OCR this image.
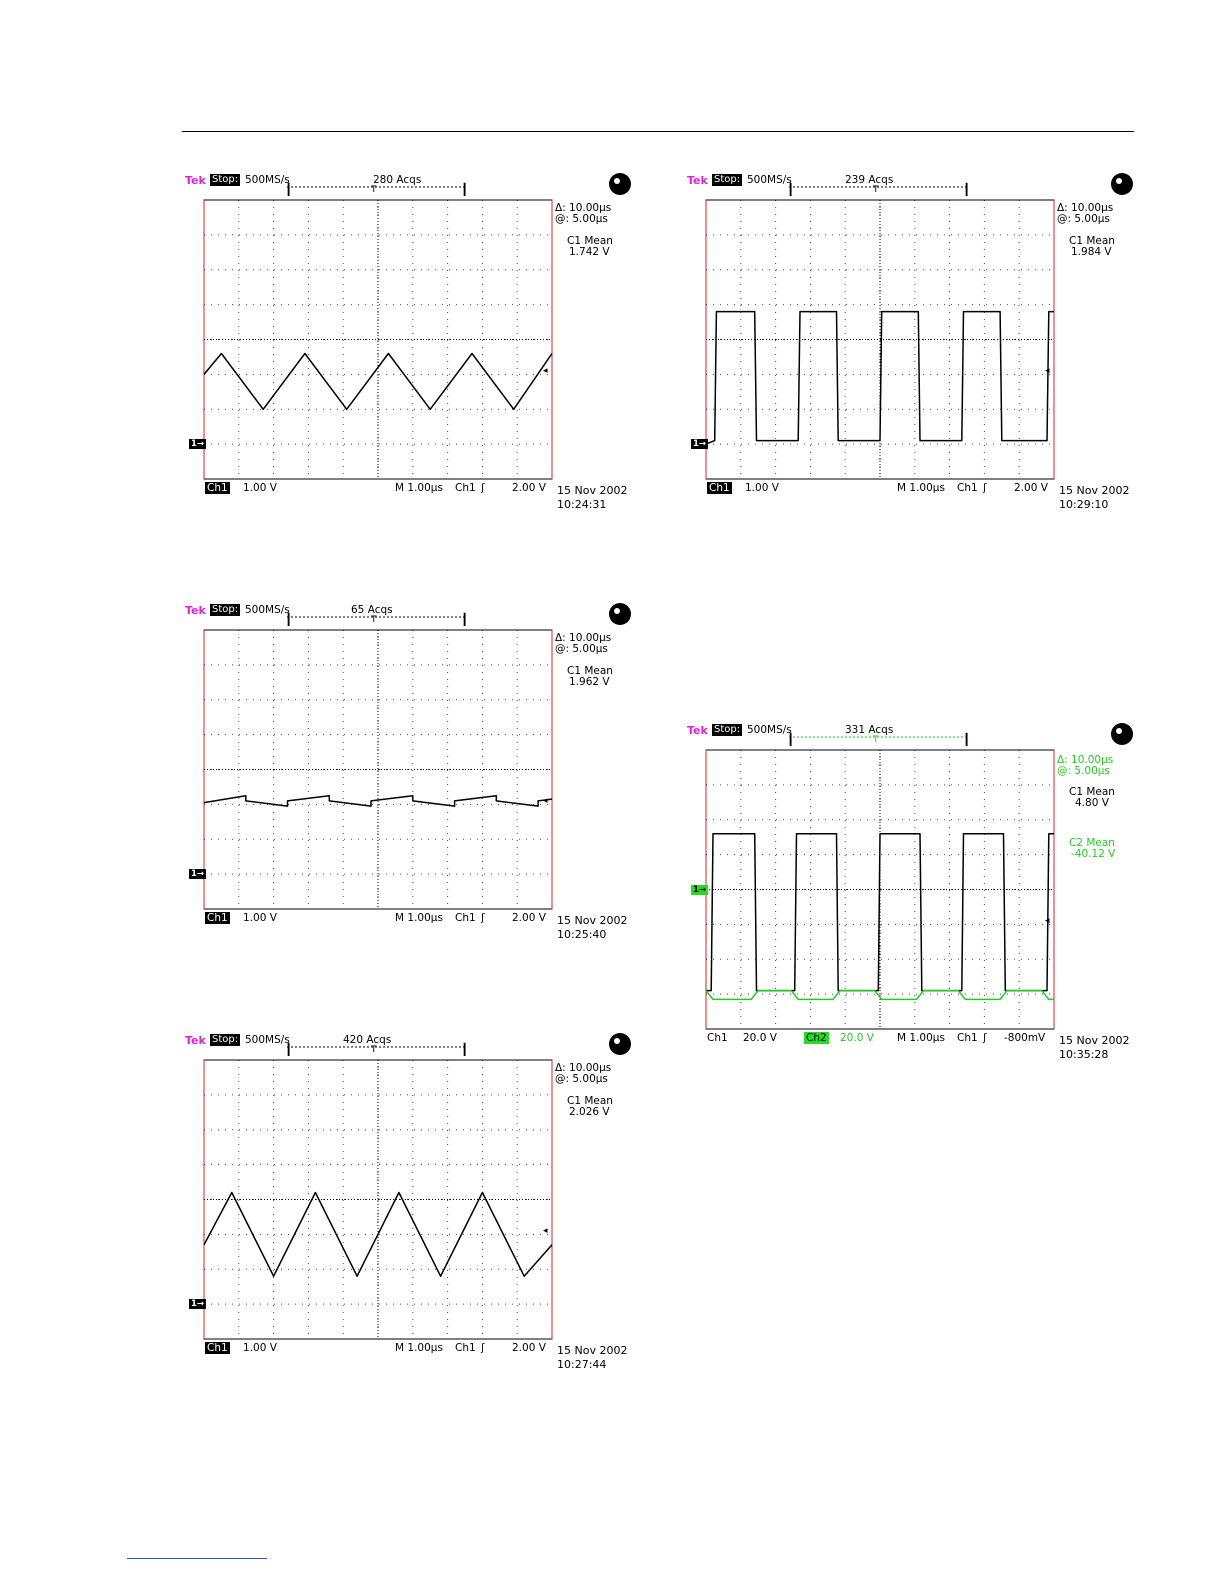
Tek Stop: 500MS/s	280 Acqs
┃	T	┃
◂
1→
Δ: 10.00µs
@: 5.00µs
C1 Mean
1.742 V
Ch1 1.00 V	M 1.00µs Ch1 ʃ	2.00 V 15 Nov 2002
10:24:31
Tek Stop: 500MS/s	239 Acqs
┃	T	┃
◂
1→
Δ: 10.00µs
@: 5.00µs
C1 Mean
1.984 V
Ch1 1.00 V	M 1.00µs Ch1 ʃ	2.00 V 15 Nov 2002
10:29:10
Tek Stop: 500MS/s	65 Acqs
┃	T	┃
◂
1→
Δ: 10.00µs
@: 5.00µs
C1 Mean
1.962 V
Ch1 1.00 V	M 1.00µs Ch1 ʃ	2.00 V 15 Nov 2002
10:25:40
Tek Stop: 500MS/s	420 Acqs
┃	T	┃
◂
1→
Δ: 10.00µs
@: 5.00µs
C1 Mean
2.026 V
Ch1 1.00 V	M 1.00µs Ch1 ʃ	2.00 V 15 Nov 2002
10:27:44
Tek Stop: 500MS/s	331 Acqs
┃	T	┃
◂
1→
Δ: 10.00µs
@: 5.00µs
C1 Mean
4.80 V
C2 Mean
-40.12 V
Ch1 20.0 V	Ch2 20.0 V M 1.00µs Ch1 ʃ -800mV 15 Nov 2002
10:35:28
